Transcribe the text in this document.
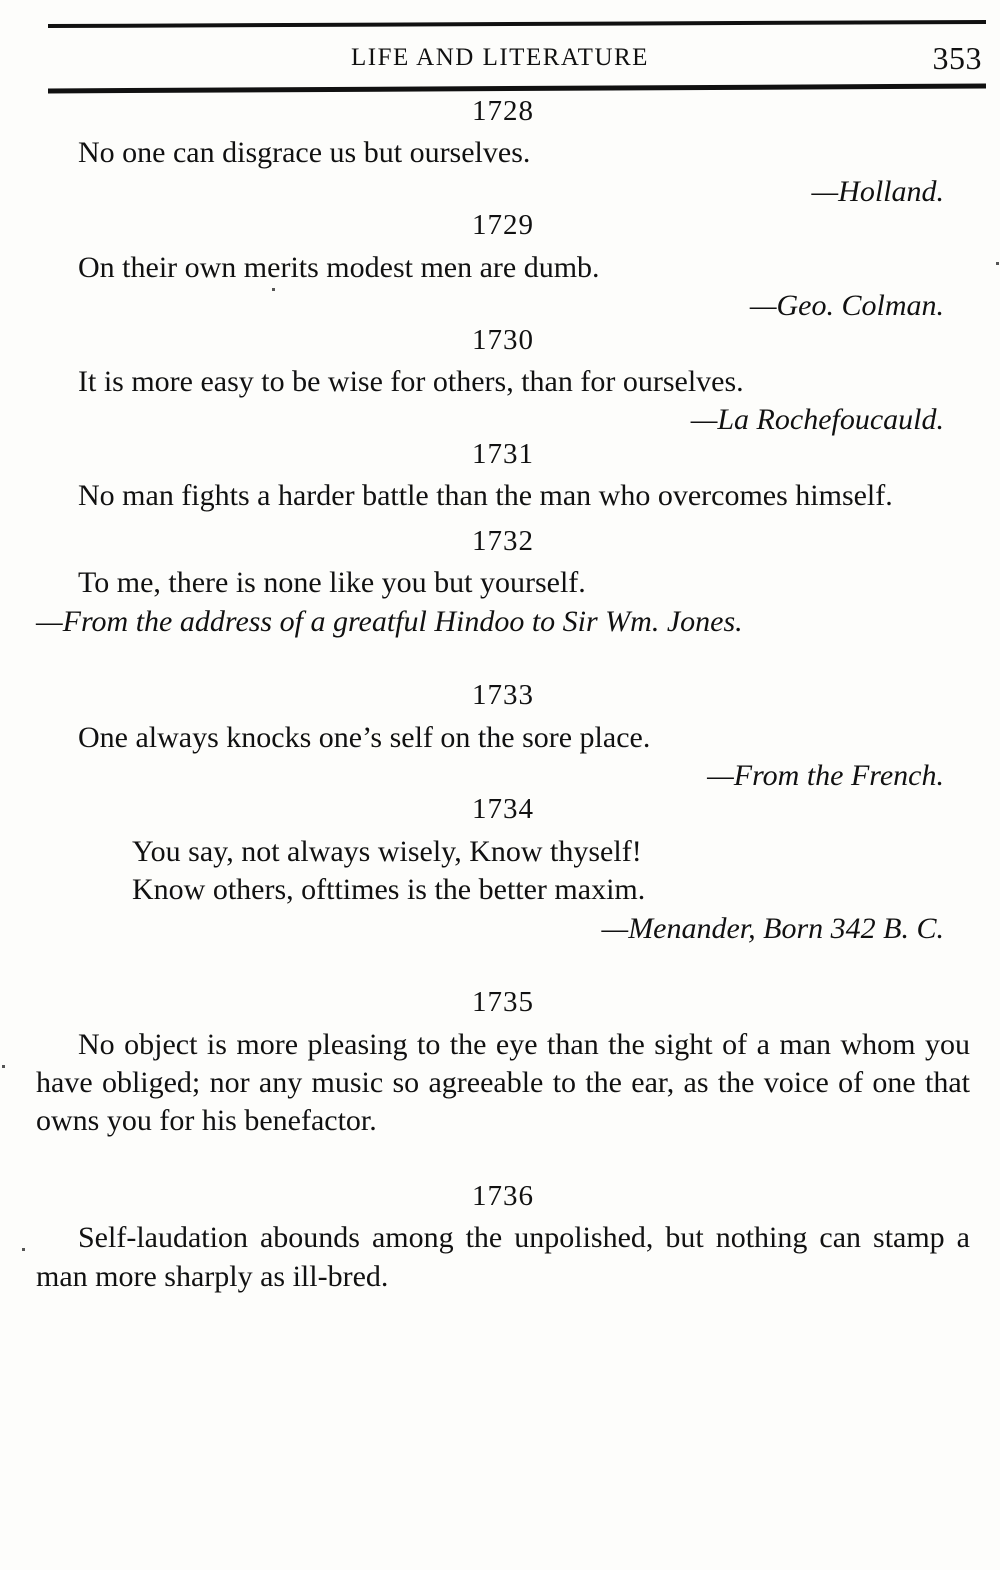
LIFE AND LITERATURE	353
1728

No one can disgrace us but ourselves.

—Holland.

1729

On their own merits modest men are dumb.

—Geo. Colman.

1730

It is more easy to be wise for others, than for ourselves.

—La Rochefoucauld.

1731

No man fights a harder battle than the man who overcomes himself.

1732

To me, there is none like you but yourself.

—From the address of a greatful Hindoo to Sir Wm. Jones.

1733

One always knocks one’s self on the sore place.

—From the French.

1734

You say, not always wisely, Know thyself!

Know others, ofttimes is the better maxim.

—Menander, Born 342 B. C.

1735

No object is more pleasing to the eye than the sight of a man whom you have obliged; nor any music so agreeable to the ear, as the voice of one that owns you for his benefactor.

1736

Self-laudation abounds among the unpolished, but nothing can stamp a man more sharply as ill-bred.
